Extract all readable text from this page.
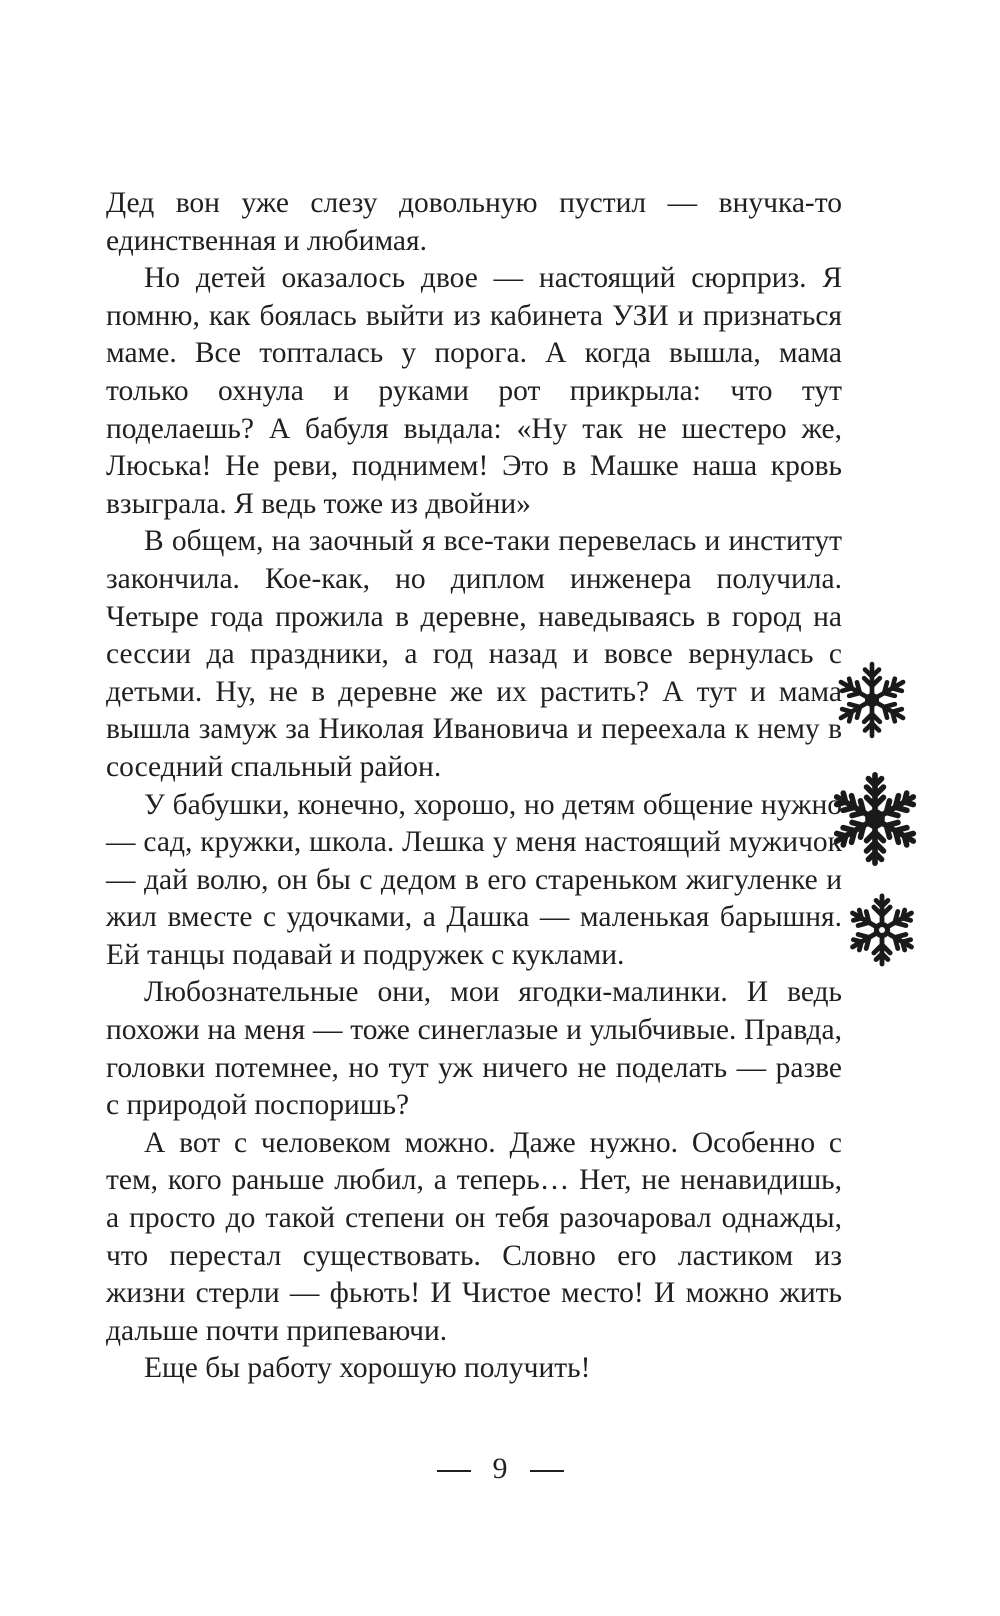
Дед вон уже слезу довольную пустил — внучка-то единственная и любимая.

Но детей оказалось двое — настоящий сюрприз. Я помню, как боялась выйти из кабинета УЗИ и признаться маме. Все топталась у порога. А когда вышла, мама только охнула и руками рот прикрыла: что тут поделаешь? А бабуля выдала: «Ну так не шестеро же, Люська! Не реви, поднимем! Это в Машке наша кровь взыграла. Я ведь тоже из двойни»

В общем, на заочный я все-таки перевелась и институт закончила. Кое-как, но диплом инженера получила. Четыре года прожила в деревне, наведываясь в город на сессии да праздники, а год назад и вовсе вернулась с детьми. Ну, не в деревне же их растить? А тут и мама вышла замуж за Николая Ивановича и переехала к нему в соседний спальный район.

У бабушки, конечно, хорошо, но детям общение нужно — сад, кружки, школа. Лешка у меня настоящий мужичок — дай волю, он бы с дедом в его стареньком жигуленке и жил вместе с удочками, а Дашка — маленькая барышня. Ей танцы подавай и подружек с куклами.

Любознательные они, мои ягодки-малинки. И ведь похожи на меня — тоже синеглазые и улыбчивые. Правда, головки потемнее, но тут уж ничего не поделать — разве с природой поспоришь?

А вот с человеком можно. Даже нужно. Особенно с тем, кого раньше любил, а теперь… Нет, не ненавидишь, а просто до такой степени он тебя разочаровал однажды, что перестал существовать. Словно его ластиком из жизни стерли — фьють! И Чистое место! И можно жить дальше почти припеваючи.

Еще бы работу хорошую получить!

9
